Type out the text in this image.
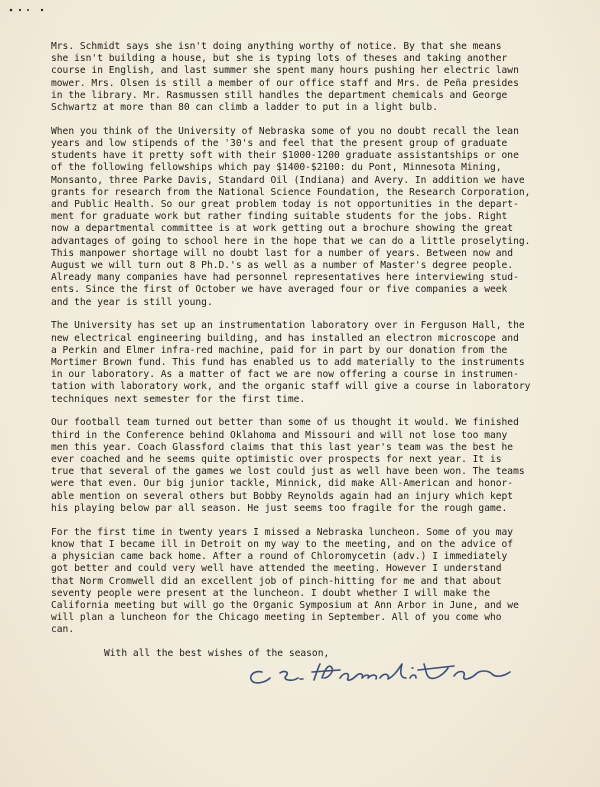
Mrs. Schmidt says she isn't doing anything worthy of notice. By that she means
she isn't building a house, but she is typing lots of theses and taking another
course in English, and last summer she spent many hours pushing her electric lawn
mower. Mrs. Olsen is still a member of our office staff and Mrs. de Peña presides
in the library. Mr. Rasmussen still handles the department chemicals and George
Schwartz at more than 80 can climb a ladder to put in a light bulb.
When you think of the University of Nebraska some of you no doubt recall the lean
years and low stipends of the '30's and feel that the present group of graduate
students have it pretty soft with their $1000-1200 graduate assistantships or one
of the following fellowships which pay $1400-$2100: du Pont, Minnesota Mining,
Monsanto, three Parke Davis, Standard Oil (Indiana) and Avery. In addition we have
grants for research from the National Science Foundation, the Research Corporation,
and Public Health. So our great problem today is not opportunities in the depart-
ment for graduate work but rather finding suitable students for the jobs. Right
now a departmental committee is at work getting out a brochure showing the great
advantages of going to school here in the hope that we can do a little proselyting.
This manpower shortage will no doubt last for a number of years. Between now and
August we will turn out 8 Ph.D.'s as well as a number of Master's degree people.
Already many companies have had personnel representatives here interviewing stud-
ents. Since the first of October we have averaged four or five companies a week
and the year is still young.
The University has set up an instrumentation laboratory over in Ferguson Hall, the
new electrical engineering building, and has installed an electron microscope and
a Perkin and Elmer infra-red machine, paid for in part by our donation from the
Mortimer Brown fund. This fund has enabled us to add materially to the instruments
in our laboratory. As a matter of fact we are now offering a course in instrumen-
tation with laboratory work, and the organic staff will give a course in laboratory
techniques next semester for the first time.
Our football team turned out better than some of us thought it would. We finished
third in the Conference behind Oklahoma and Missouri and will not lose too many
men this year. Coach Glassford claims that this last year's team was the best he
ever coached and he seems quite optimistic over prospects for next year. It is
true that several of the games we lost could just as well have been won. The teams
were that even. Our big junior tackle, Minnick, did make All-American and honor-
able mention on several others but Bobby Reynolds again had an injury which kept
his playing below par all season. He just seems too fragile for the rough game.
For the first time in twenty years I missed a Nebraska luncheon. Some of you may
know that I became ill in Detroit on my way to the meeting, and on the advice of
a physician came back home. After a round of Chloromycetin (adv.) I immediately
got better and could very well have attended the meeting. However I understand
that Norm Cromwell did an excellent job of pinch-hitting for me and that about
seventy people were present at the luncheon. I doubt whether I will make the
California meeting but will go the Organic Symposium at Ann Arbor in June, and we
will plan a luncheon for the Chicago meeting in September. All of you come who
can.
With all the best wishes of the season,
